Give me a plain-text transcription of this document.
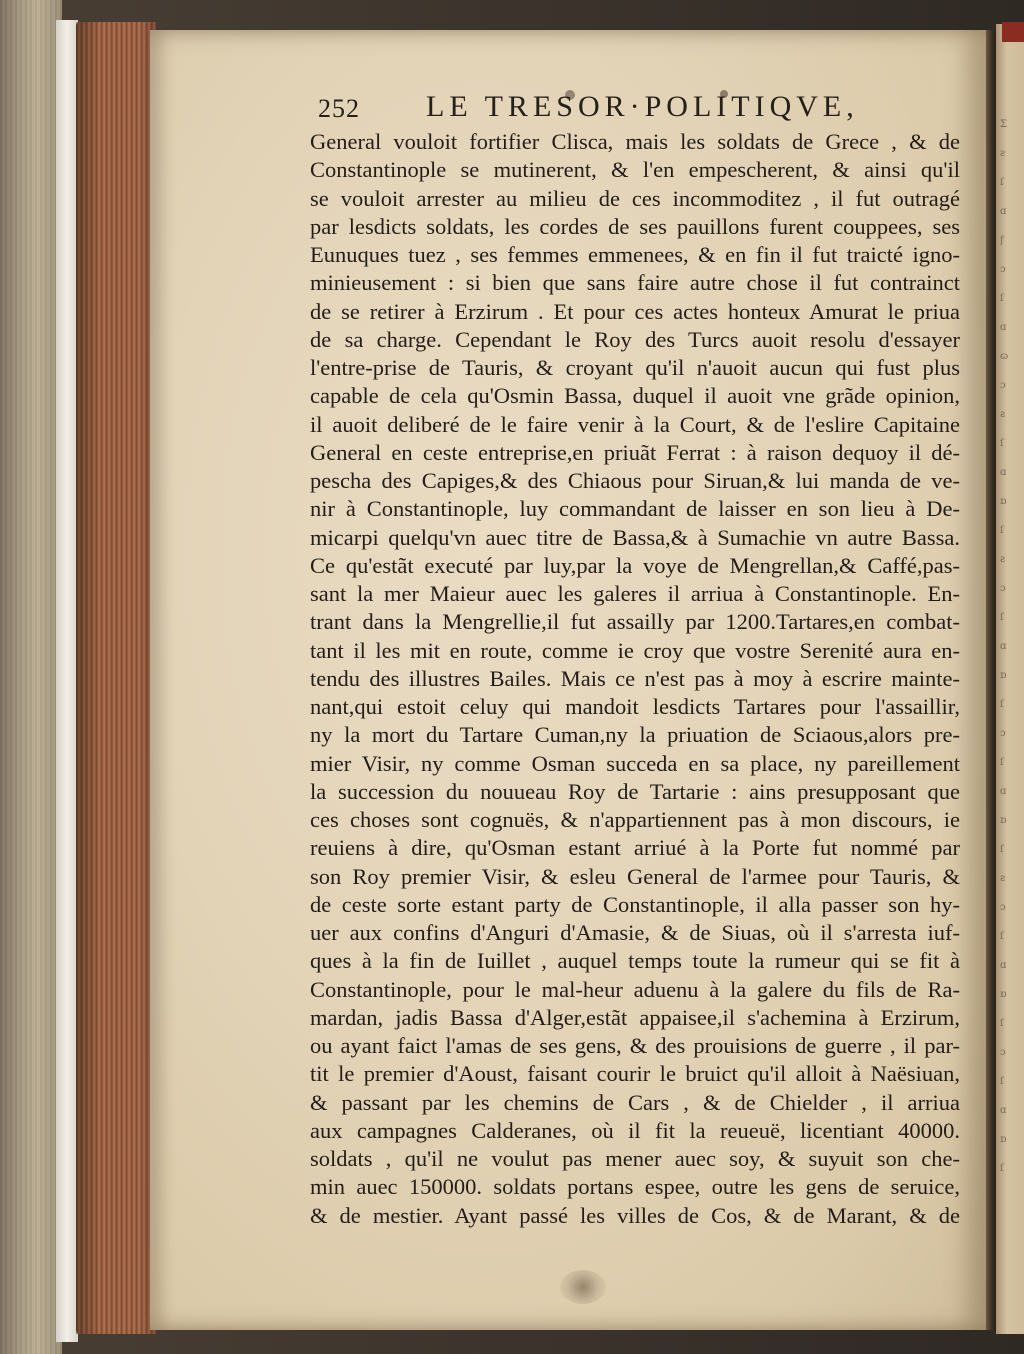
Ʃ
ƨ
ſ
ɑ
ƒ
ɔ
ſ
ɑ
ɷ
ɔ
ƨ
ſ
ɑ
ɒ
ſ
ƨ
ɔ
ſ
ɑ
ɒ
ſ
ɔ
ſ
ɑ
ɒ
ſ
ƨ
ɔ
ſ
ɑ
ɒ
ſ
ɔ
ſ
ɑ
ɒ
ſ
252 LE TRESOR·POLITIQVE,
General vouloit fortifier Clisca, mais les soldats de Grece , & de
Constantinople se mutinerent, & l'en empescherent, & ainsi qu'il
se vouloit arrester au milieu de ces incommoditez , il fut outragé
par lesdicts soldats, les cordes de ses pauillons furent couppees, ses
Eunuques tuez , ses femmes emmenees, & en fin il fut traicté igno-
minieusement : si bien que sans faire autre chose il fut contrainct
de se retirer à Erzirum . Et pour ces actes honteux Amurat le priua
de sa charge. Cependant le Roy des Turcs auoit resolu d'essayer
l'entre-prise de Tauris, & croyant qu'il n'auoit aucun qui fust plus
capable de cela qu'Osmin Bassa, duquel il auoit vne grãde opinion,
il auoit deliberé de le faire venir à la Court, & de l'eslire Capitaine
General en ceste entreprise,en priuãt Ferrat : à raison dequoy il dé-
pescha des Capiges,& des Chiaous pour Siruan,& lui manda de ve-
nir à Constantinople, luy commandant de laisser en son lieu à De-
micarpi quelqu'vn auec titre de Bassa,& à Sumachie vn autre Bassa.
Ce qu'estãt executé par luy,par la voye de Mengrellan,& Caffé,pas-
sant la mer Maieur auec les galeres il arriua à Constantinople. En-
trant dans la Mengrellie,il fut assailly par 1200.Tartares,en combat-
tant il les mit en route, comme ie croy que vostre Serenité aura en-
tendu des illustres Bailes. Mais ce n'est pas à moy à escrire mainte-
nant,qui estoit celuy qui mandoit lesdicts Tartares pour l'assaillir,
ny la mort du Tartare Cuman,ny la priuation de Sciaous,alors pre-
mier Visir, ny comme Osman succeda en sa place, ny pareillement
la succession du nouueau Roy de Tartarie : ains presupposant que
ces choses sont cognuës, & n'appartiennent pas à mon discours, ie
reuiens à dire, qu'Osman estant arriué à la Porte fut nommé par
son Roy premier Visir, & esleu General de l'armee pour Tauris, &
de ceste sorte estant party de Constantinople, il alla passer son hy-
uer aux confins d'Anguri d'Amasie, & de Siuas, où il s'arresta iuf-
ques à la fin de Iuillet , auquel temps toute la rumeur qui se fit à
Constantinople, pour le mal-heur aduenu à la galere du fils de Ra-
mardan, jadis Bassa d'Alger,estãt appaisee,il s'achemina à Erzirum,
ou ayant faict l'amas de ses gens, & des prouisions de guerre , il par-
tit le premier d'Aoust, faisant courir le bruict qu'il alloit à Naësiuan,
& passant par les chemins de Cars , & de Chielder , il arriua
aux campagnes Calderanes, où il fit la reueuë, licentiant 40000.
soldats , qu'il ne voulut pas mener auec soy, & suyuit son che-
min auec 150000. soldats portans espee, outre les gens de seruice,
& de mestier. Ayant passé les villes de Cos, & de Marant, & de
